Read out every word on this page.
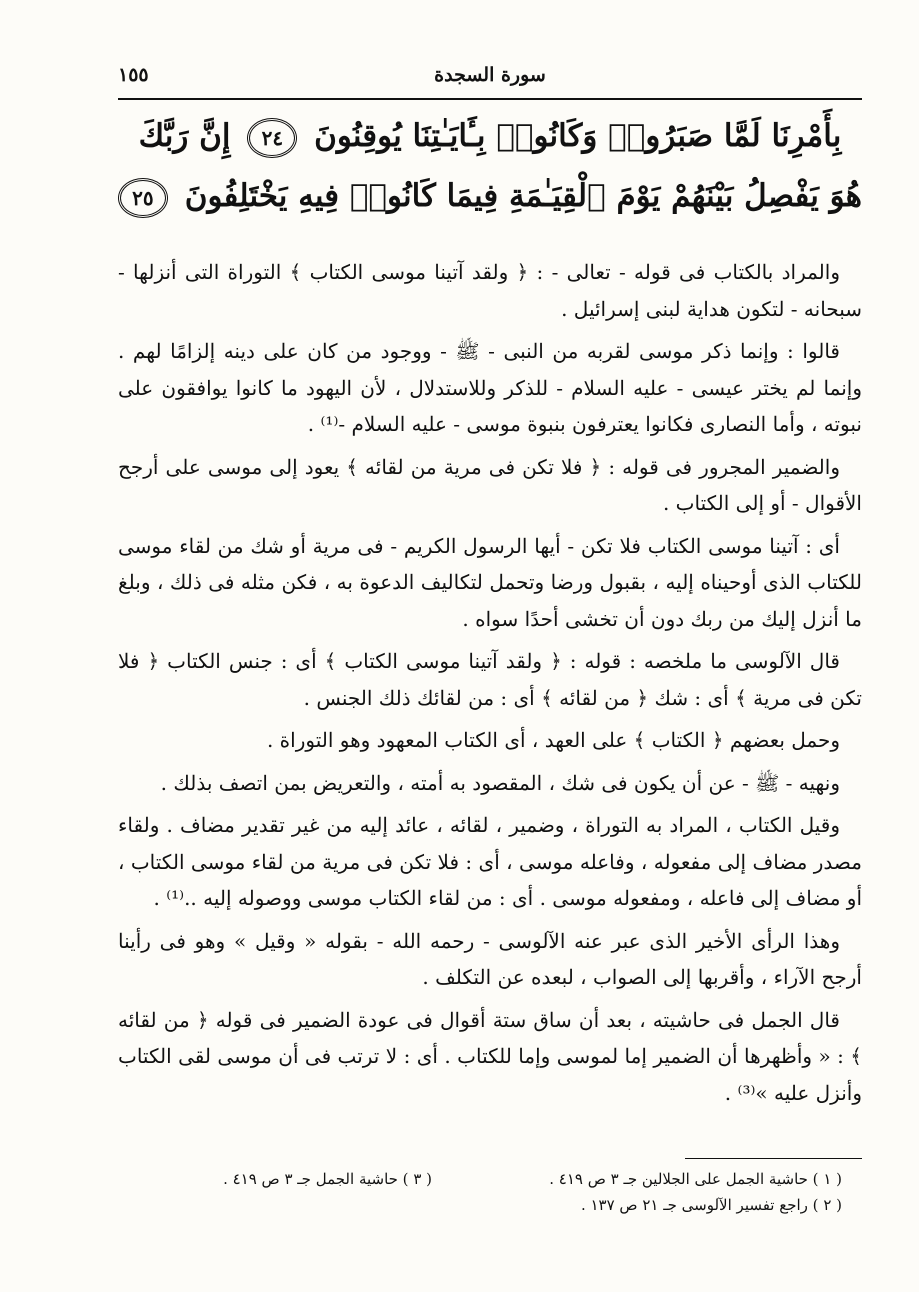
سورة السجدة
١٥٥
بِأَمْرِنَا لَمَّا صَبَرُوا۟ وَكَانُوا۟ بِـَٔايَـٰتِنَا يُوقِنُونَ ٢٤ إِنَّ رَبَّكَ
هُوَ يَفْصِلُ بَيْنَهُمْ يَوْمَ ٱلْقِيَـٰمَةِ فِيمَا كَانُوا۟ فِيهِ يَخْتَلِفُونَ ٢٥

والمراد بالكتاب فى قوله - تعالى - : ﴿ ولقد آتينا موسى الكتاب ﴾ التوراة التى أنزلها - سبحانه - لتكون هداية لبنى إسرائيل .

قالوا : وإنما ذكر موسى لقربه من النبى - ﷺ - ووجود من كان على دينه إلزامًا لهم . وإنما لم يختر عيسى - عليه السلام - للذكر وللاستدلال ، لأن اليهود ما كانوا يوافقون على نبوته ، وأما النصارى فكانوا يعترفون بنبوة موسى - عليه السلام -⁽¹⁾ .

والضمير المجرور فى قوله : ﴿ فلا تكن فى مرية من لقائه ﴾ يعود إلى موسى على أرجح الأقوال - أو إلى الكتاب .

أى : آتينا موسى الكتاب فلا تكن - أيها الرسول الكريم - فى مرية أو شك من لقاء موسى للكتاب الذى أوحيناه إليه ، بقبول ورضا وتحمل لتكاليف الدعوة به ، فكن مثله فى ذلك ، وبلغ ما أنزل إليك من ربك دون أن تخشى أحدًا سواه .

قال الآلوسى ما ملخصه : قوله : ﴿ ولقد آتينا موسى الكتاب ﴾ أى : جنس الكتاب ﴿ فلا تكن فى مرية ﴾ أى : شك ﴿ من لقائه ﴾ أى : من لقائك ذلك الجنس .

وحمل بعضهم ﴿ الكتاب ﴾ على العهد ، أى الكتاب المعهود وهو التوراة .

ونهيه - ﷺ - عن أن يكون فى شك ، المقصود به أمته ، والتعريض بمن اتصف بذلك .

وقيل الكتاب ، المراد به التوراة ، وضمير ، لقائه ، عائد إليه من غير تقدير مضاف . ولقاء مصدر مضاف إلى مفعوله ، وفاعله موسى ، أى : فلا تكن فى مرية من لقاء موسى الكتاب ، أو مضاف إلى فاعله ، ومفعوله موسى . أى : من لقاء الكتاب موسى ووصوله إليه ..⁽¹⁾ .

وهذا الرأى الأخير الذى عبر عنه الآلوسى - رحمه الله - بقوله « وقيل » وهو فى رأينا أرجح الآراء ، وأقربها إلى الصواب ، لبعده عن التكلف .

قال الجمل فى حاشيته ، بعد أن ساق ستة أقوال فى عودة الضمير فى قوله ﴿ من لقائه ﴾ : « وأظهرها أن الضمير إما لموسى وإما للكتاب . أى : لا ترتب فى أن موسى لقى الكتاب وأنزل عليه »⁽³⁾ .

( ١ ) حاشية الجمل على الجلالين جـ ٣ ص ٤١٩ .
( ٢ ) راجع تفسير الآلوسى جـ ٢١ ص ١٣٧ .
( ٣ ) حاشية الجمل جـ ٣ ص ٤١٩ .
